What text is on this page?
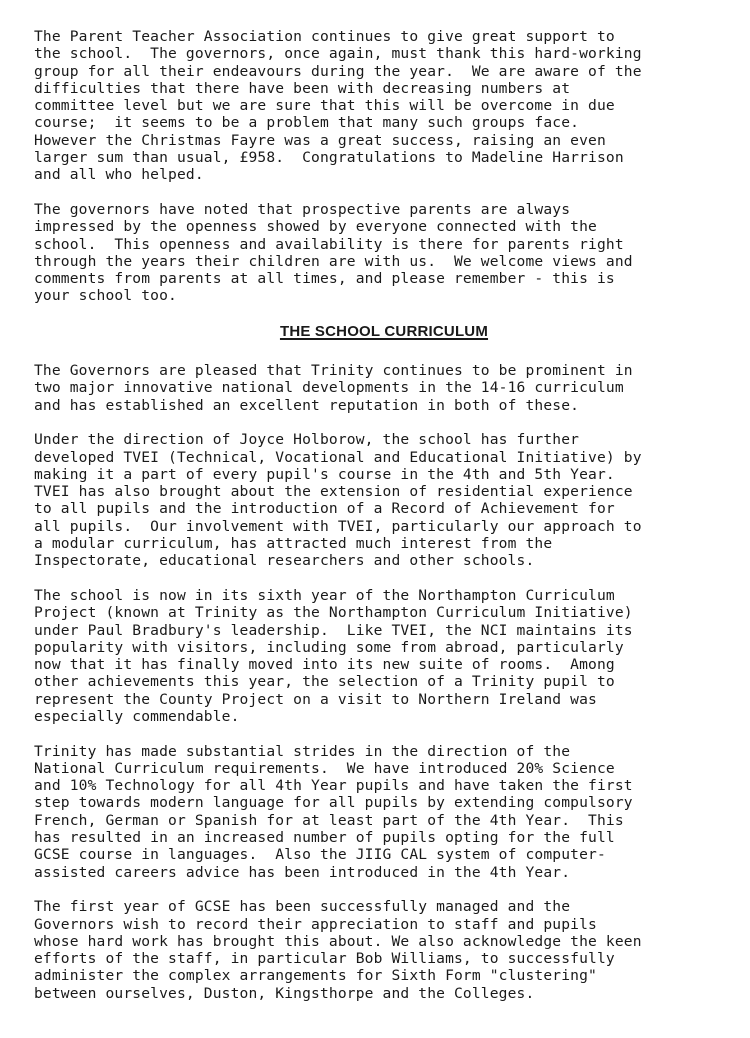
The Parent Teacher Association continues to give great support to
the school.  The governors, once again, must thank this hard-working
group for all their endeavours during the year.  We are aware of the
difficulties that there have been with decreasing numbers at
committee level but we are sure that this will be overcome in due
course;  it seems to be a problem that many such groups face.
However the Christmas Fayre was a great success, raising an even
larger sum than usual, £958.  Congratulations to Madeline Harrison
and all who helped.

The governors have noted that prospective parents are always
impressed by the openness showed by everyone connected with the
school.  This openness and availability is there for parents right
through the years their children are with us.  We welcome views and
comments from parents at all times, and please remember - this is
your school too.

THE SCHOOL CURRICULUM

The Governors are pleased that Trinity continues to be prominent in
two major innovative national developments in the 14-16 curriculum
and has established an excellent reputation in both of these.

Under the direction of Joyce Holborow, the school has further
developed TVEI (Technical, Vocational and Educational Initiative) by
making it a part of every pupil's course in the 4th and 5th Year.
TVEI has also brought about the extension of residential experience
to all pupils and the introduction of a Record of Achievement for
all pupils.  Our involvement with TVEI, particularly our approach to
a modular curriculum, has attracted much interest from the
Inspectorate, educational researchers and other schools.

The school is now in its sixth year of the Northampton Curriculum
Project (known at Trinity as the Northampton Curriculum Initiative)
under Paul Bradbury's leadership.  Like TVEI, the NCI maintains its
popularity with visitors, including some from abroad, particularly
now that it has finally moved into its new suite of rooms.  Among
other achievements this year, the selection of a Trinity pupil to
represent the County Project on a visit to Northern Ireland was
especially commendable.

Trinity has made substantial strides in the direction of the
National Curriculum requirements.  We have introduced 20% Science
and 10% Technology for all 4th Year pupils and have taken the first
step towards modern language for all pupils by extending compulsory
French, German or Spanish for at least part of the 4th Year.  This
has resulted in an increased number of pupils opting for the full
GCSE course in languages.  Also the JIIG CAL system of computer-
assisted careers advice has been introduced in the 4th Year.

The first year of GCSE has been successfully managed and the
Governors wish to record their appreciation to staff and pupils
whose hard work has brought this about. We also acknowledge the keen
efforts of the staff, in particular Bob Williams, to successfully
administer the complex arrangements for Sixth Form "clustering"
between ourselves, Duston, Kingsthorpe and the Colleges.
